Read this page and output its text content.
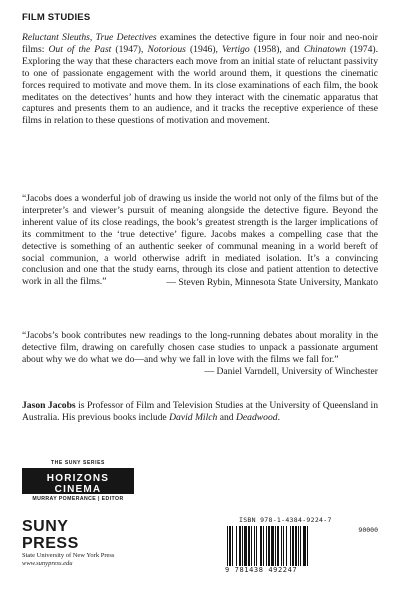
FILM STUDIES
Reluctant Sleuths, True Detectives examines the detective figure in four noir and neo-noir films: Out of the Past (1947), Notorious (1946), Vertigo (1958), and Chinatown (1974). Exploring the way that these characters each move from an initial state of reluctant passivity to one of passionate engagement with the world around them, it questions the cinematic forces required to motivate and move them. In its close examinations of each film, the book meditates on the detectives’ hunts and how they interact with the cinematic apparatus that captures and presents them to an audience, and it tracks the receptive experience of these films in relation to these questions of motivation and movement.
“Jacobs does a wonderful job of drawing us inside the world not only of the films but of the interpreter’s and viewer’s pursuit of meaning alongside the detective figure. Beyond the inherent value of its close readings, the book’s greatest strength is the larger implications of its commitment to the ‘true detective’ figure. Jacobs makes a compelling case that the detective is something of an authentic seeker of communal meaning in a world bereft of social communion, a world otherwise adrift in mediated isolation. It’s a convincing conclusion and one that the study earns, through its close and patient attention to detective work in all the films.”
—	Steven Rybin, Minnesota State University, Mankato
“Jacobs’s book contributes new readings to the long-running debates about morality in the detective film, drawing on carefully chosen case studies to unpack a passionate argument about why we do what we do—and why we fall in love with the films we fall for.”
— Daniel Varndell, University of Winchester
Jason Jacobs is Professor of Film and Television Studies at the University of Queensland in Australia. His previous books include David Milch and Deadwood.
THE SUNY SERIES
HORIZONS CINEMA
MURRAY POMERANCE | EDITOR
SUNY
PRESS
State University of New York Press
www.sunypress.edu
ISBN 978-1-4384-9224-7
90000
9 781438 492247
